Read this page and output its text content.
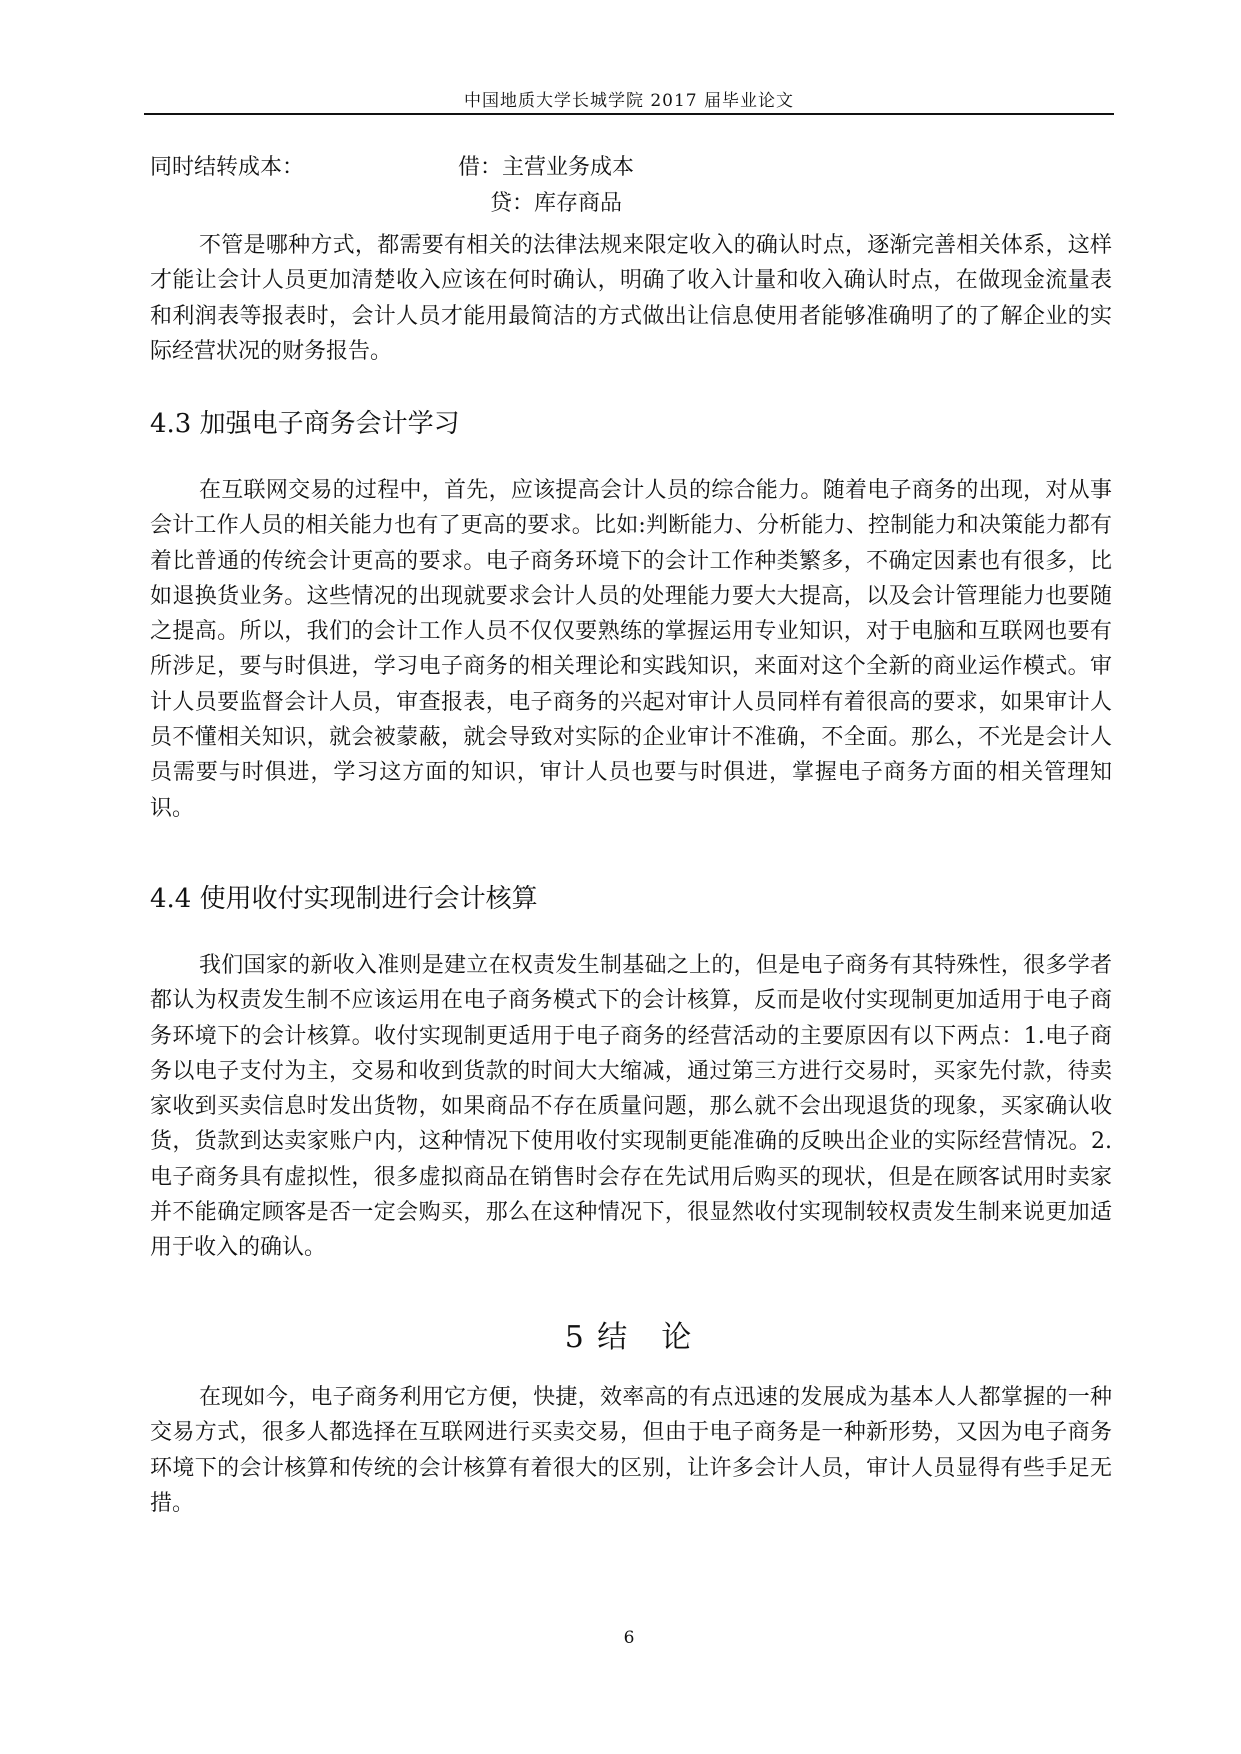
中国地质大学长城学院 2017 届毕业论文
同时结转成本：	借：主营业务成本
贷：库存商品

不管是哪种方式，都需要有相关的法律法规来限定收入的确认时点，逐渐完善相关体系，这样才能让会计人员更加清楚收入应该在何时确认，明确了收入计量和收入确认时点，在做现金流量表和利润表等报表时，会计人员才能用最简洁的方式做出让信息使用者能够准确明了的了解企业的实际经营状况的财务报告。

4.3 加强电子商务会计学习

在互联网交易的过程中，首先，应该提高会计人员的综合能力。随着电子商务的出现，对从事会计工作人员的相关能力也有了更高的要求。比如:判断能力、分析能力、控制能力和决策能力都有着比普通的传统会计更高的要求。电子商务环境下的会计工作种类繁多，不确定因素也有很多，比如退换货业务。这些情况的出现就要求会计人员的处理能力要大大提高，以及会计管理能力也要随之提高。所以，我们的会计工作人员不仅仅要熟练的掌握运用专业知识，对于电脑和互联网也要有所涉足，要与时俱进，学习电子商务的相关理论和实践知识，来面对这个全新的商业运作模式。审计人员要监督会计人员，审查报表，电子商务的兴起对审计人员同样有着很高的要求，如果审计人员不懂相关知识，就会被蒙蔽，就会导致对实际的企业审计不准确，不全面。那么，不光是会计人员需要与时俱进，学习这方面的知识，审计人员也要与时俱进，掌握电子商务方面的相关管理知识。

4.4 使用收付实现制进行会计核算

我们国家的新收入准则是建立在权责发生制基础之上的，但是电子商务有其特殊性，很多学者都认为权责发生制不应该运用在电子商务模式下的会计核算，反而是收付实现制更加适用于电子商务环境下的会计核算。收付实现制更适用于电子商务的经营活动的主要原因有以下两点：1.电子商务以电子支付为主，交易和收到货款的时间大大缩减，通过第三方进行交易时，买家先付款，待卖家收到买卖信息时发出货物，如果商品不存在质量问题，那么就不会出现退货的现象，买家确认收货，货款到达卖家账户内，这种情况下使用收付实现制更能准确的反映出企业的实际经营情况。2.电子商务具有虚拟性，很多虚拟商品在销售时会存在先试用后购买的现状，但是在顾客试用时卖家并不能确定顾客是否一定会购买，那么在这种情况下，很显然收付实现制较权责发生制来说更加适用于收入的确认。

5 结　论

在现如今，电子商务利用它方便，快捷，效率高的有点迅速的发展成为基本人人都掌握的一种交易方式，很多人都选择在互联网进行买卖交易，但由于电子商务是一种新形势，又因为电子商务环境下的会计核算和传统的会计核算有着很大的区别，让许多会计人员，审计人员显得有些手足无措。

6
